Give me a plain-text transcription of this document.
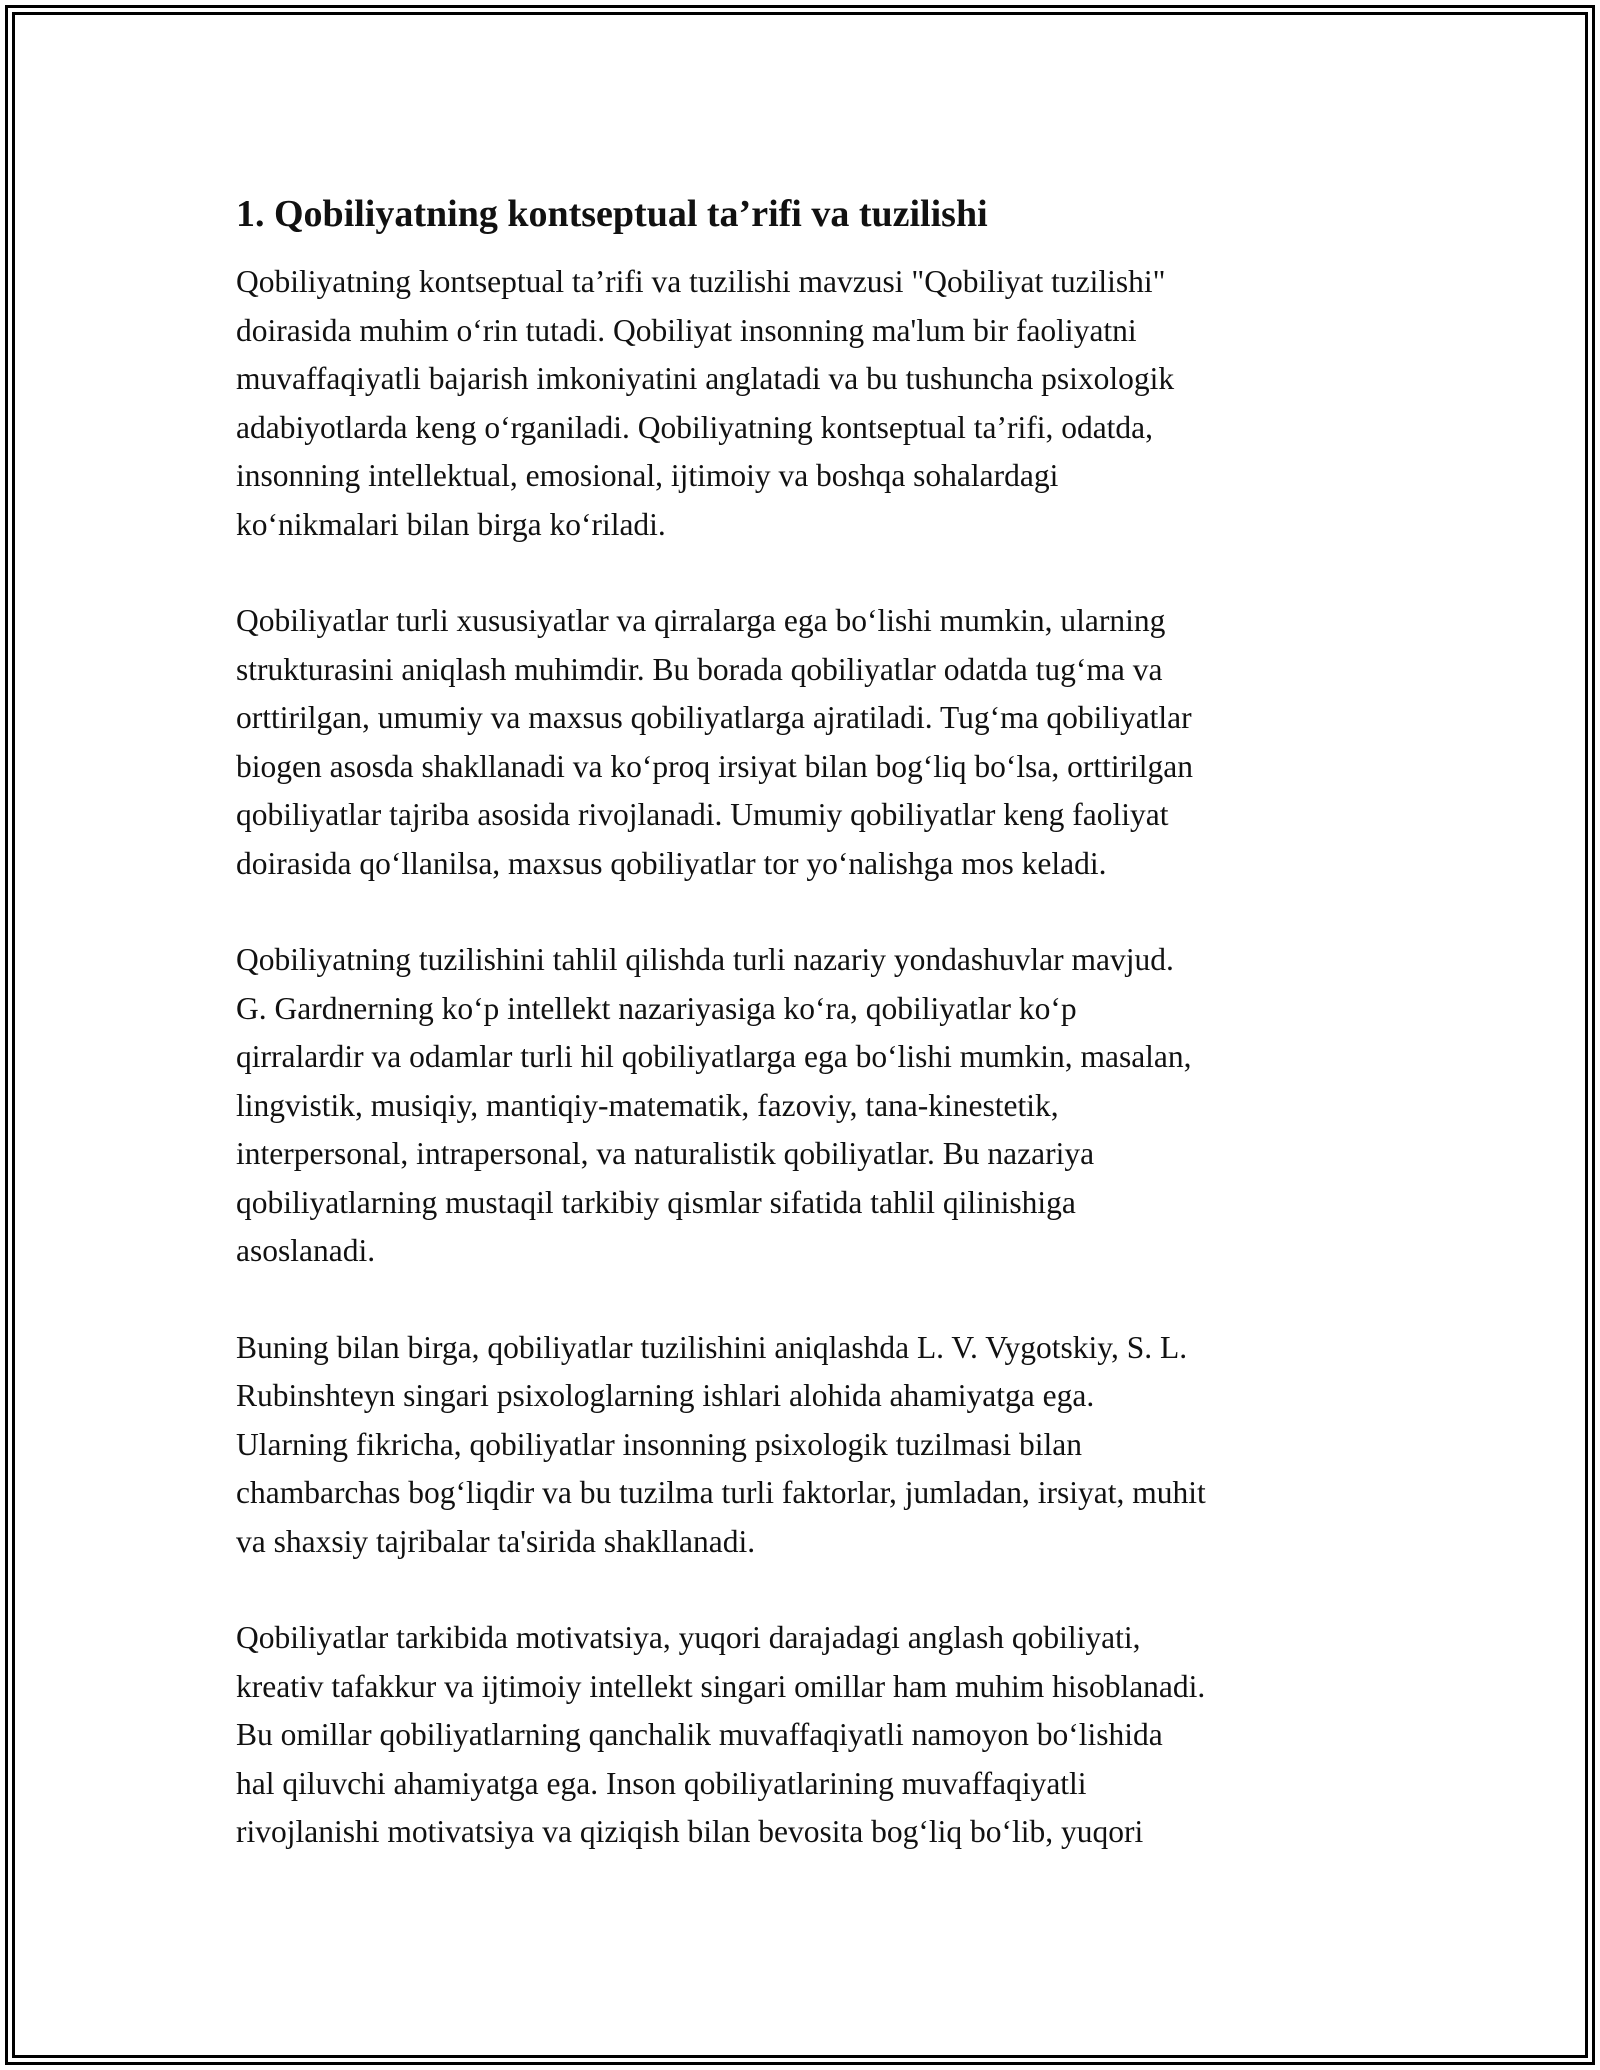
1. Qobiliyatning kontseptual ta’rifi va tuzilishi
Qobiliyatning kontseptual ta’rifi va tuzilishi mavzusi "Qobiliyat tuzilishi"
doirasida muhim o‘rin tutadi. Qobiliyat insonning ma'lum bir faoliyatni
muvaffaqiyatli bajarish imkoniyatini anglatadi va bu tushuncha psixologik
adabiyotlarda keng o‘rganiladi. Qobiliyatning kontseptual ta’rifi, odatda,
insonning intellektual, emosional, ijtimoiy va boshqa sohalardagi
ko‘nikmalari bilan birga ko‘riladi.
Qobiliyatlar turli xususiyatlar va qirralarga ega bo‘lishi mumkin, ularning
strukturasini aniqlash muhimdir. Bu borada qobiliyatlar odatda tug‘ma va
orttirilgan, umumiy va maxsus qobiliyatlarga ajratiladi. Tug‘ma qobiliyatlar
biogen asosda shakllanadi va ko‘proq irsiyat bilan bog‘liq bo‘lsa, orttirilgan
qobiliyatlar tajriba asosida rivojlanadi. Umumiy qobiliyatlar keng faoliyat
doirasida qo‘llanilsa, maxsus qobiliyatlar tor yo‘nalishga mos keladi.
Qobiliyatning tuzilishini tahlil qilishda turli nazariy yondashuvlar mavjud.
G. Gardnerning ko‘p intellekt nazariyasiga ko‘ra, qobiliyatlar ko‘p
qirralardir va odamlar turli hil qobiliyatlarga ega bo‘lishi mumkin, masalan,
lingvistik, musiqiy, mantiqiy-matematik, fazoviy, tana-kinestetik,
interpersonal, intrapersonal, va naturalistik qobiliyatlar. Bu nazariya
qobiliyatlarning mustaqil tarkibiy qismlar sifatida tahlil qilinishiga
asoslanadi.
Buning bilan birga, qobiliyatlar tuzilishini aniqlashda L. V. Vygotskiy, S. L.
Rubinshteyn singari psixologlarning ishlari alohida ahamiyatga ega.
Ularning fikricha, qobiliyatlar insonning psixologik tuzilmasi bilan
chambarchas bog‘liqdir va bu tuzilma turli faktorlar, jumladan, irsiyat, muhit
va shaxsiy tajribalar ta'sirida shakllanadi.
Qobiliyatlar tarkibida motivatsiya, yuqori darajadagi anglash qobiliyati,
kreativ tafakkur va ijtimoiy intellekt singari omillar ham muhim hisoblanadi.
Bu omillar qobiliyatlarning qanchalik muvaffaqiyatli namoyon bo‘lishida
hal qiluvchi ahamiyatga ega. Inson qobiliyatlarining muvaffaqiyatli
rivojlanishi motivatsiya va qiziqish bilan bevosita bog‘liq bo‘lib, yuqori
